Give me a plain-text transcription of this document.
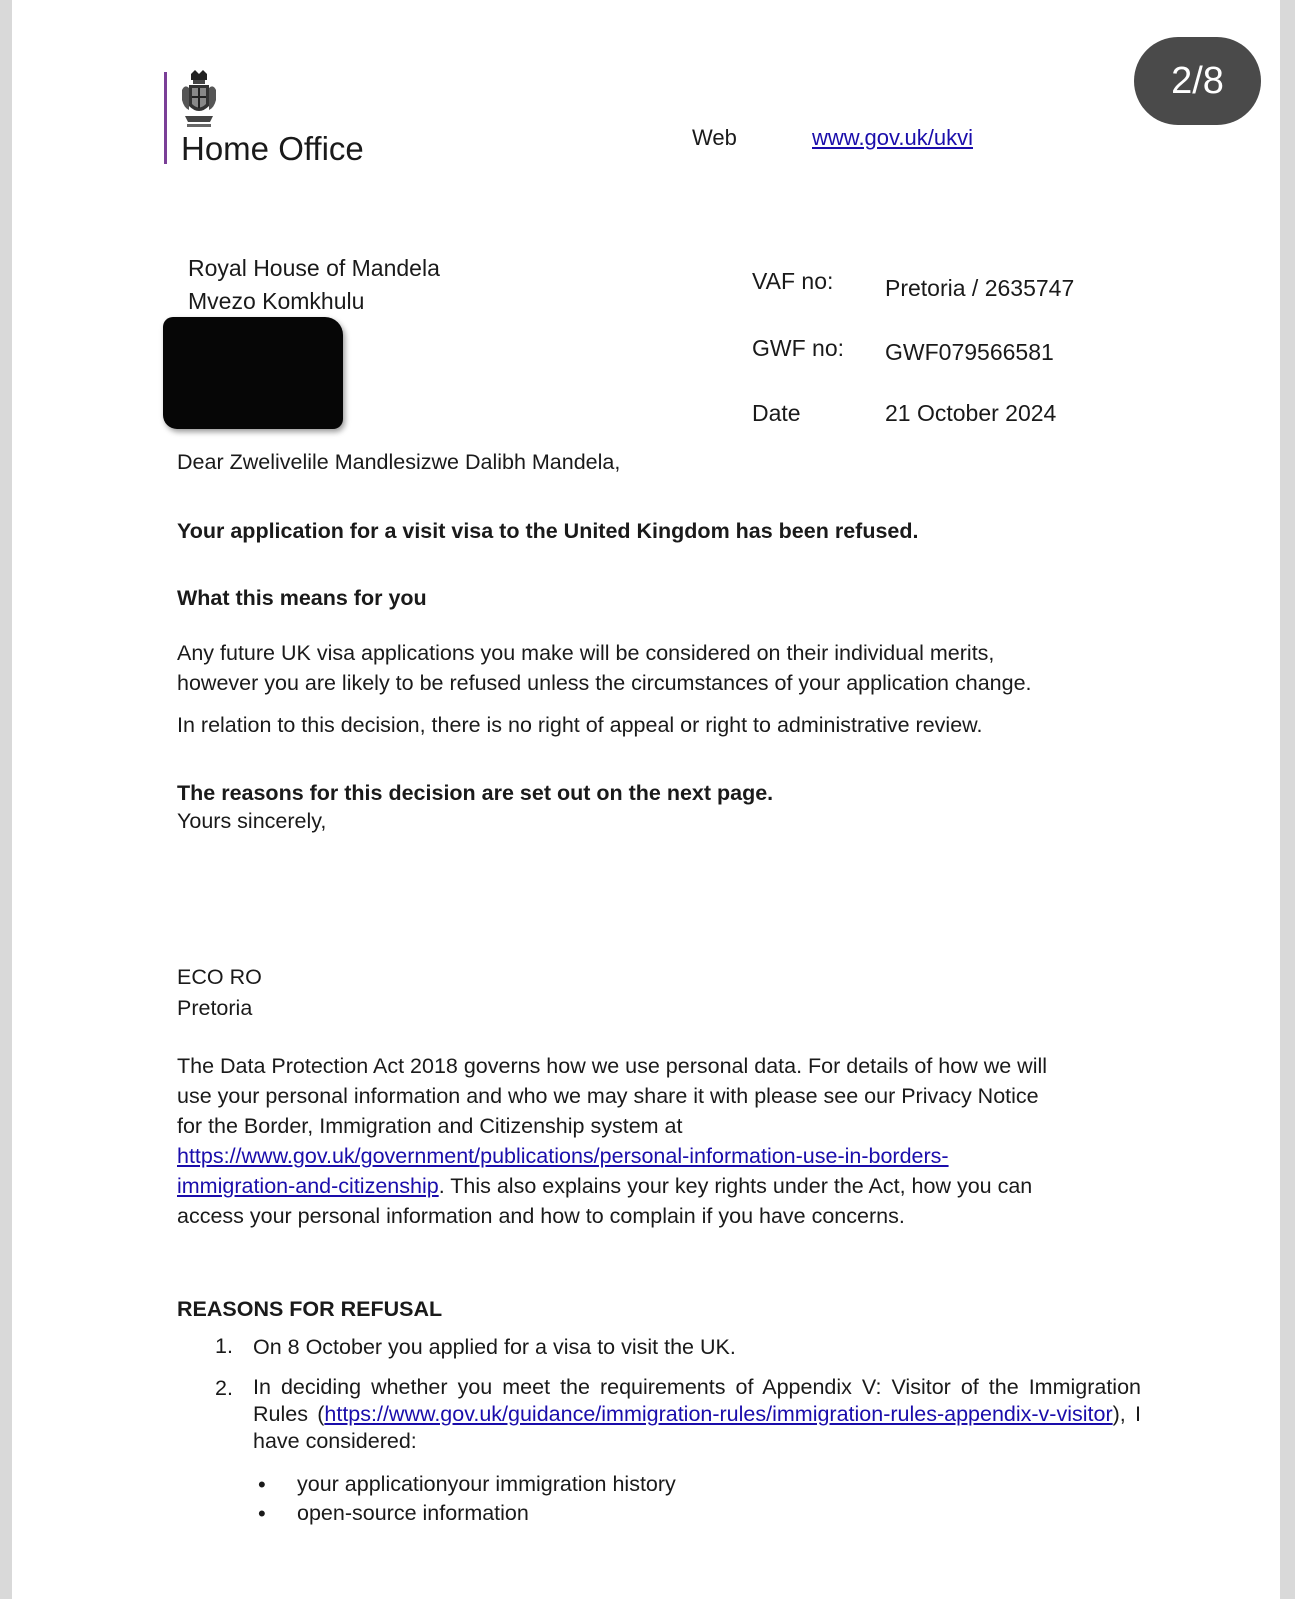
2/8
Home Office	Web	www.gov.uk/ukvi
Royal House of Mandela
Mvezo Komkhulu
VAF no: Pretoria / 2635747
GWF no: GWF079566581
Date	21 October 2024

Dear Zwelivelile Mandlesizwe Dalibh Mandela,

Your application for a visit visa to the United Kingdom has been refused.

What this means for you

Any future UK visa applications you make will be considered on their individual merits,

however you are likely to be refused unless the circumstances of your application change.

In relation to this decision, there is no right of appeal or right to administrative review.

The reasons for this decision are set out on the next page.

Yours sincerely,

ECO RO

Pretoria

The Data Protection Act 2018 governs how we use personal data. For details of how we will

use your personal information and who we may share it with please see our Privacy Notice

for the Border, Immigration and Citizenship system at

https://www.gov.uk/government/publications/personal-information-use-in-borders-

immigration-and-citizenship. This also explains your key rights under the Act, how you can

access your personal information and how to complain if you have concerns.

REASONS FOR REFUSAL

1. On 8 October you applied for a visa to visit the UK.
2. In deciding whether you meet the requirements of Appendix V: Visitor of the Immigration Rules (https://www.gov.uk/guidance/immigration-rules/immigration-rules-appendix-v-visitor), I have considered:
• your applicationyour immigration history
• open-source information
